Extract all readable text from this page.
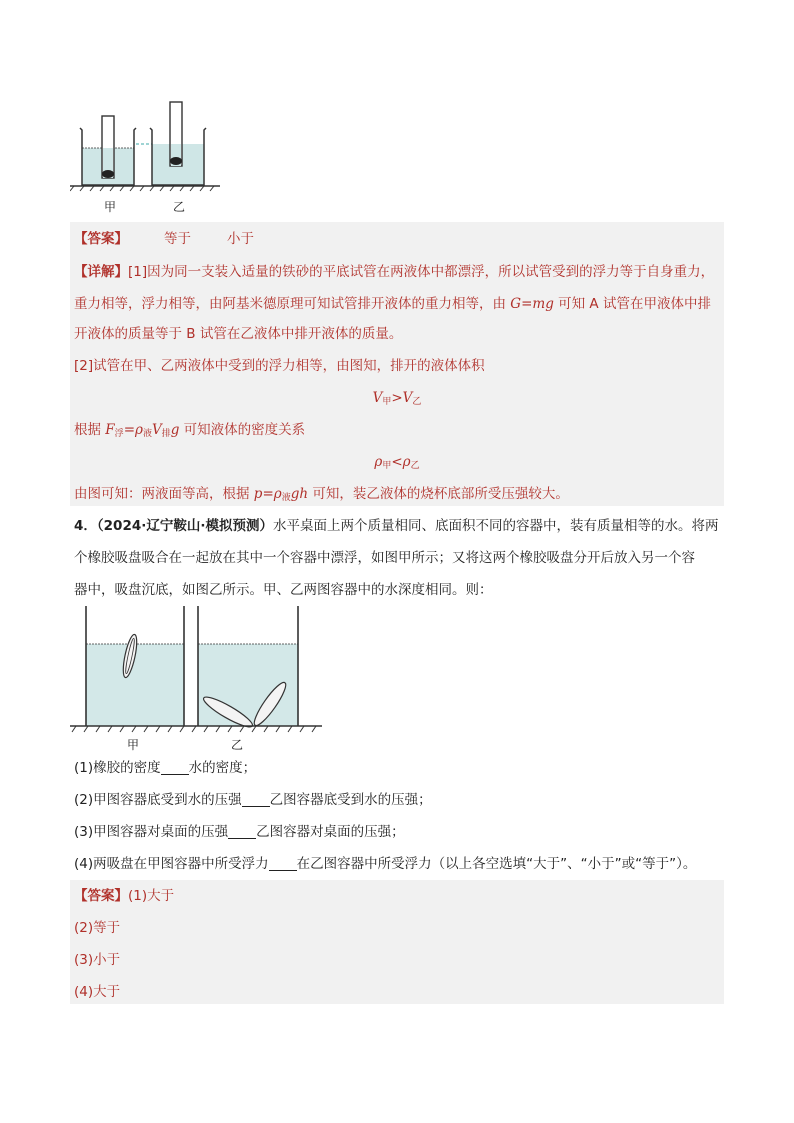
甲	乙
【答案】	等于	小于
【详解】[1]因为同一支装入适量的铁砂的平底试管在两液体中都漂浮，所以试管受到的浮力等于自身重力，
重力相等，浮力相等，由阿基米德原理可知试管排开液体的重力相等，由 G=mg 可知 A 试管在甲液体中排
开液体的质量等于 B 试管在乙液体中排开液体的质量。
[2]试管在甲、乙两液体中受到的浮力相等，由图知，排开的液体体积
$V_甲>V_乙$
根据 $F_浮=\rho_液V_排g$ 可知液体的密度关系
$\rho_甲<\rho_乙$
由图可知：两液面等高，根据 $p=\rho_液gh$ 可知，装乙液体的烧杯底部所受压强较大。
4．（2024·辽宁鞍山·模拟预测）水平桌面上两个质量相同、底面积不同的容器中，装有质量相等的水。将两
个橡胶吸盘吸合在一起放在其中一个容器中漂浮，如图甲所示；又将这两个橡胶吸盘分开后放入另一个容
器中，吸盘沉底，如图乙所示。甲、乙两图容器中的水深度相同。则：
甲	乙
(1)橡胶的密度 水的密度；
(2)甲图容器底受到水的压强 乙图容器底受到水的压强；
(3)甲图容器对桌面的压强 乙图容器对桌面的压强；
(4)两吸盘在甲图容器中所受浮力 在乙图容器中所受浮力（以上各空选填“大于”、“小于”或“等于”）。
【答案】(1)大于
(2)等于
(3)小于
(4)大于
